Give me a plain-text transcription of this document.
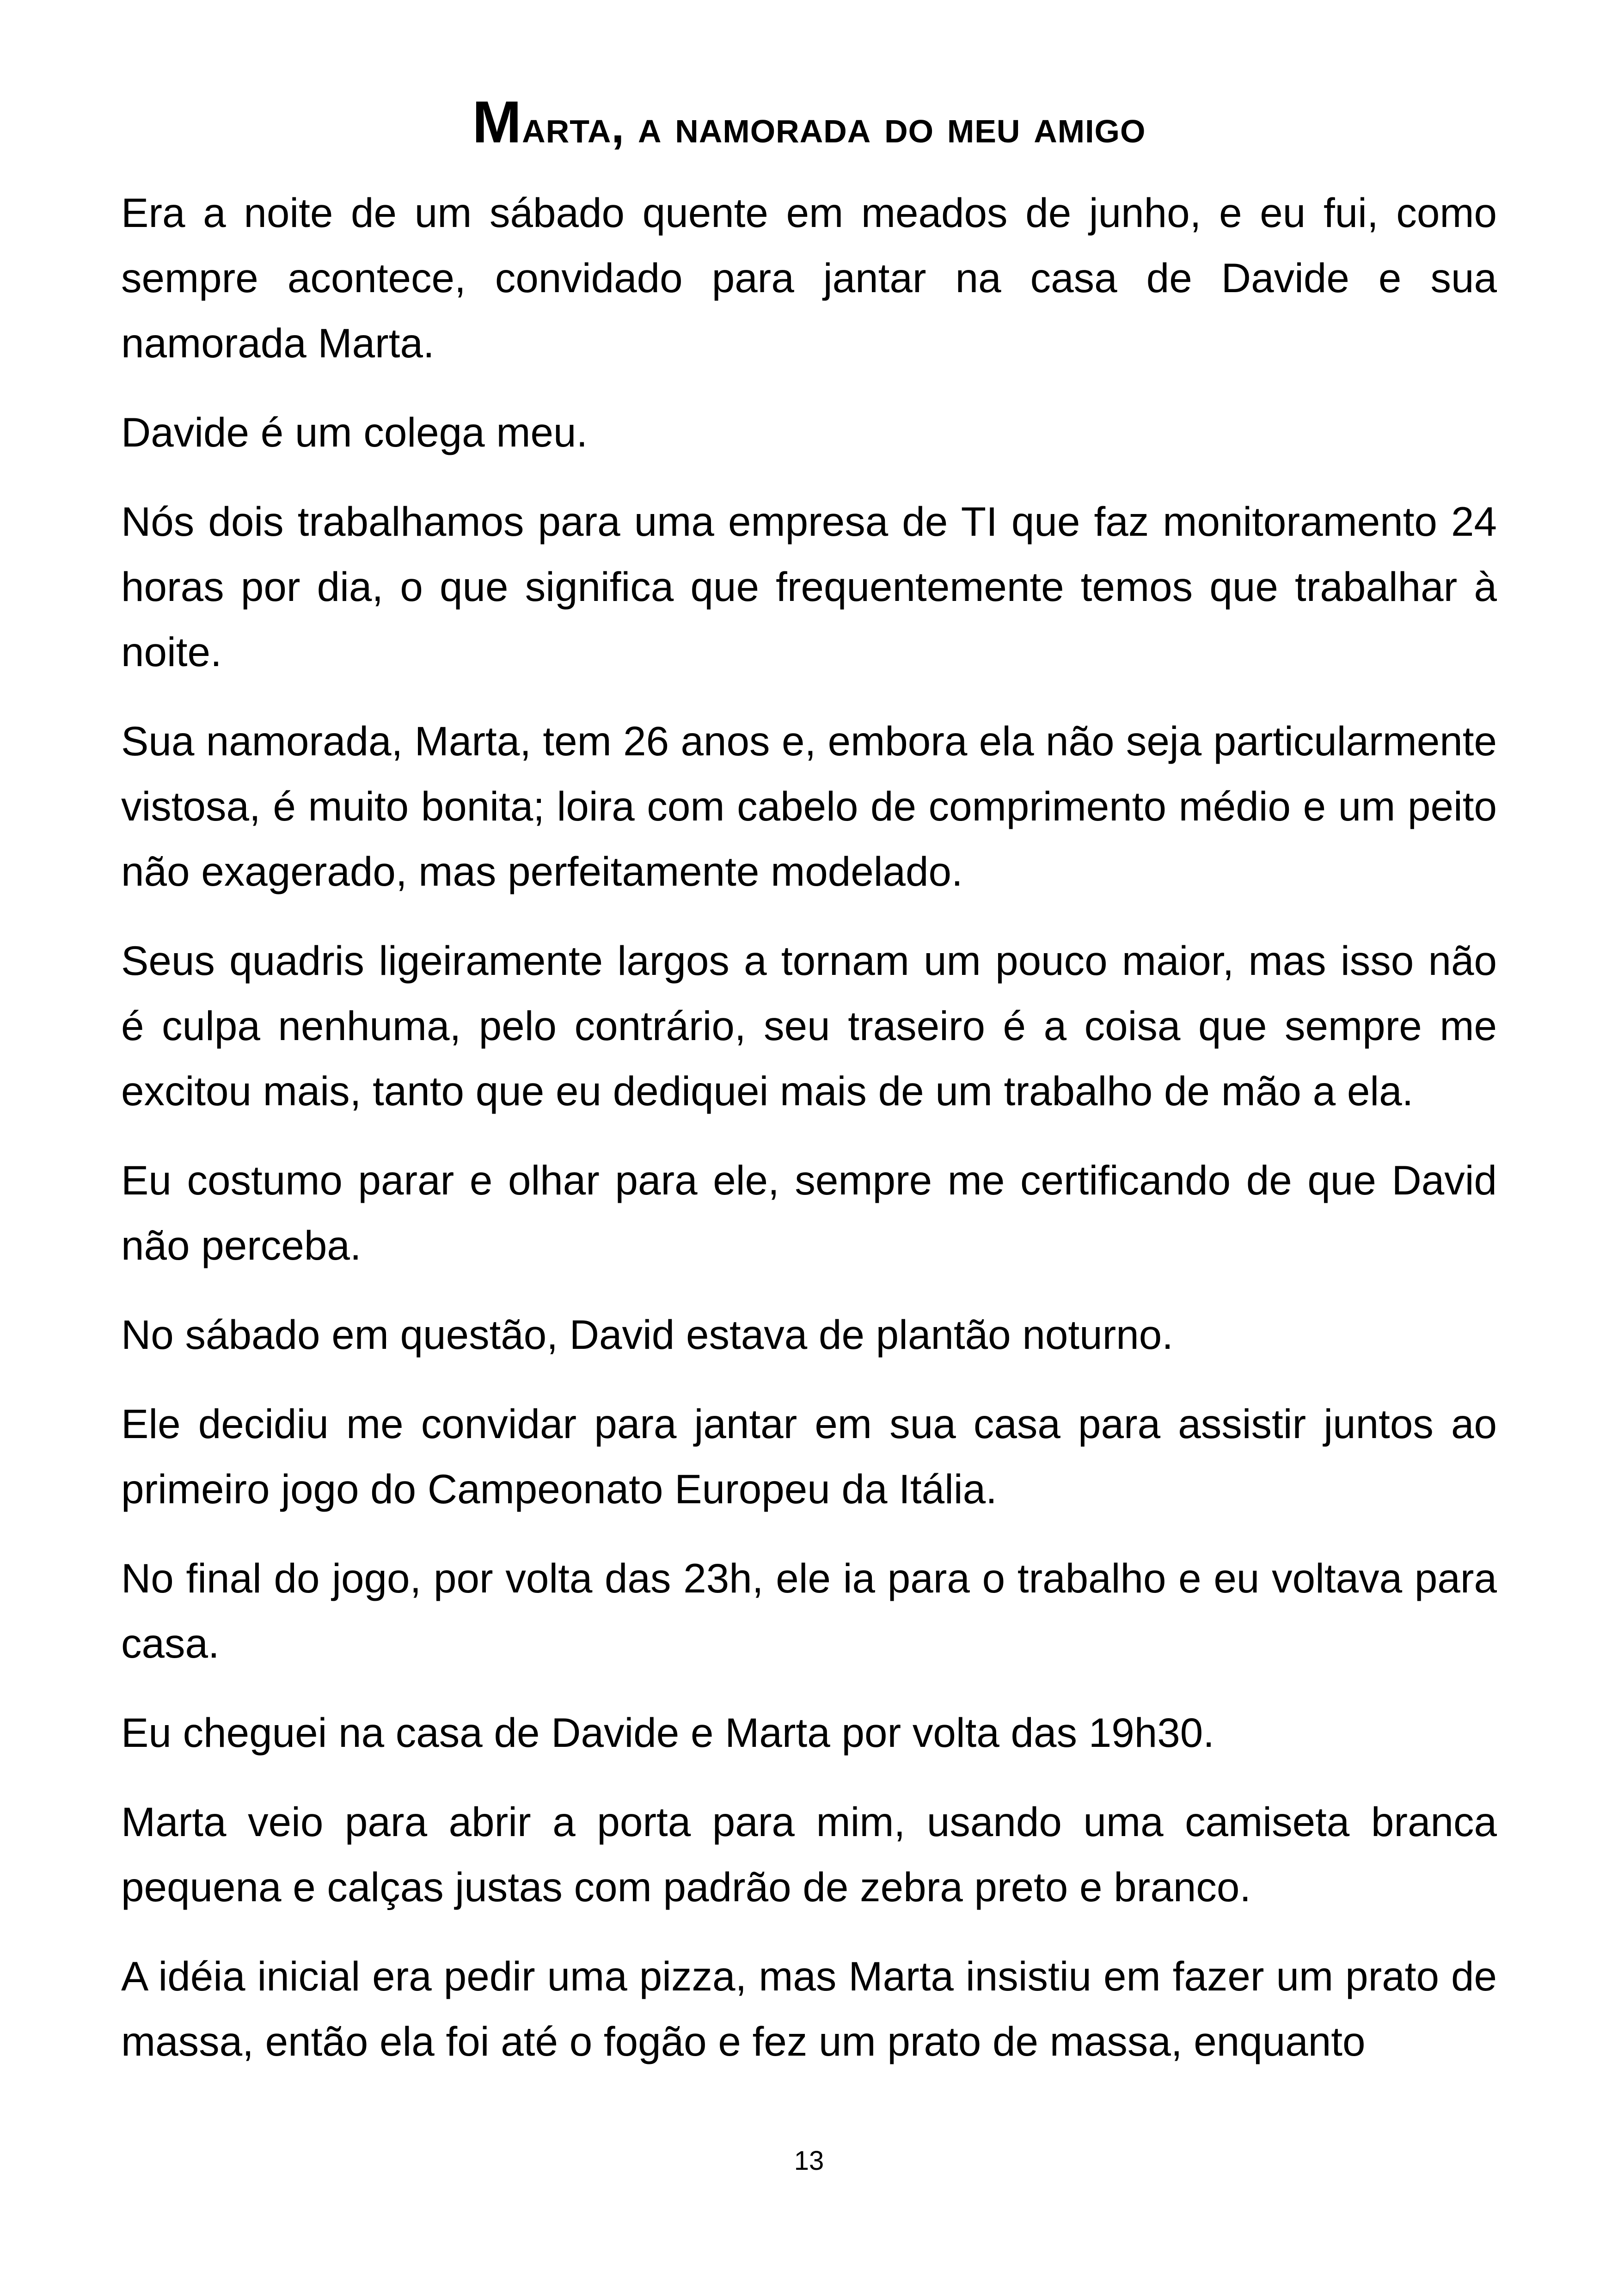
Marta, a namorada do meu amigo

Era a noite de um sábado quente em meados de junho, e eu fui, como sempre acontece, convidado para jantar na casa de Davide e sua namorada Marta.

Davide é um colega meu.

Nós dois trabalhamos para uma empresa de TI que faz monitoramento 24 horas por dia, o que significa que frequentemente temos que trabalhar à noite.

Sua namorada, Marta, tem 26 anos e, embora ela não seja particularmente vistosa, é muito bonita; loira com cabelo de comprimento médio e um peito não exagerado, mas perfeitamente modelado.

Seus quadris ligeiramente largos a tornam um pouco maior, mas isso não é culpa nenhuma, pelo contrário, seu traseiro é a coisa que sempre me excitou mais, tanto que eu dediquei mais de um trabalho de mão a ela.

Eu costumo parar e olhar para ele, sempre me certificando de que David não perceba.

No sábado em questão, David estava de plantão noturno.

Ele decidiu me convidar para jantar em sua casa para assistir juntos ao primeiro jogo do Campeonato Europeu da Itália.

No final do jogo, por volta das 23h, ele ia para o trabalho e eu voltava para casa.

Eu cheguei na casa de Davide e Marta por volta das 19h30.

Marta veio para abrir a porta para mim, usando uma camiseta branca pequena e calças justas com padrão de zebra preto e branco.

A idéia inicial era pedir uma pizza, mas Marta insistiu em fazer um prato de massa, então ela foi até o fogão e fez um prato de massa, enquanto

13
